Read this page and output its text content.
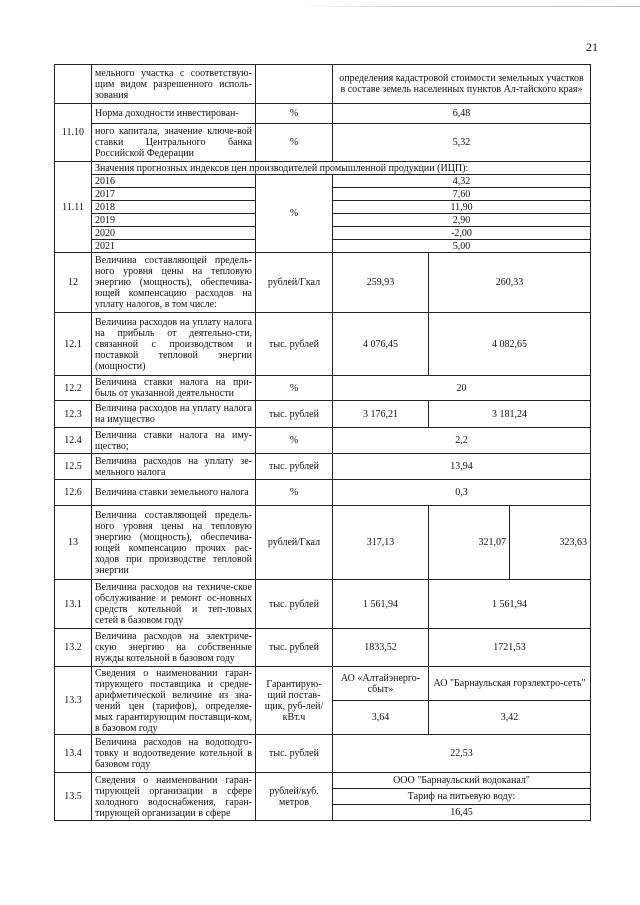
21
	мельного участка с соответствую-щим видом разрешенного исполь-зования		определения кадастровой стоимости земельных участков в составе земель населенных пунктов Ал-тайского края»		
11.10	Норма доходности инвестирован-	%	6,48		
	ного капитала, значение ключе-вой ставки Центрального банка Российской Федерации	%	5,32		
11.11	Значения прогнозных индексов цен производителей промышленной продукции (ИЦП):				
	2016	%	4,32		
	2017		7,60		
	2018		11,90		
	2019		2,90		
	2020		-2,00		
	2021		5,00		
12	Величина составляющей предель-ного уровня цены на тепловую энергию (мощность), обеспечива-ющей компенсацию расходов на уплату налогов, в том числе:	рублей/Гкал	259,93	260,33	
12.1	Величина расходов на уплату налога на прибыль от деятельно-сти, связанной с производством и поставкой тепловой энергии (мощности)	тыс. рублей	4 076,45	4 082,65	
12.2	Величина ставки налога на при-быль от указанной деятельности	%	20		
12.3	Величина расходов на уплату налога на имущество	тыс. рублей	3 176,21	3 181,24	
12.4	Величина ставки налога на иму-щество;	%	2,2		
12.5	Величина расходов на уплату зе-мельного налога	тыс. рублей	13,94		
12.6	Величина ставки земельного налога	%	0,3		
13	Величина составляющей предель-ного уровня цены на тепловую энергию (мощность), обеспечива-ющей компенсацию прочих рас-ходов при производстве тепловой энергии	рублей/Гкал	317,13	321,07	323,63
13.1	Величина расходов на техниче-ское обслуживание и ремонт ос-новных средств котельной и теп-ловых сетей в базовом году	тыс. рублей	1 561,94	1 561,94	
13.2	Величина расходов на электриче-скую энергию на собственные нужды котельной в базовом году	тыс. рублей	1833,52	1721,53	
13.3	Сведения о наименовании гаран-тирующего поставщика и средне-арифметической величине из зна-чений цен (тарифов), определяе-мых гарантирующим поставщи-ком, в базовом году	Гарантирую-щий постав-щик, руб-лей/кВт.ч	АО «Алтайэнерго-сбыт»	АО "Барнаульская горэлектро-сеть"	
			3,64	3,42	
13.4	Величина расходов на водоподго-товку и водоотведение котельной в базовом году	тыс. рублей	22,53		
13.5	Сведения о наименовании гаран-тирующей организации в сфере холодного водоснабжения, гаран-тирующей организации в сфере	рублей/куб. метров	ООО "Барнаульский водоканал"		
			Тариф на питьевую воду:		
			16,45		
